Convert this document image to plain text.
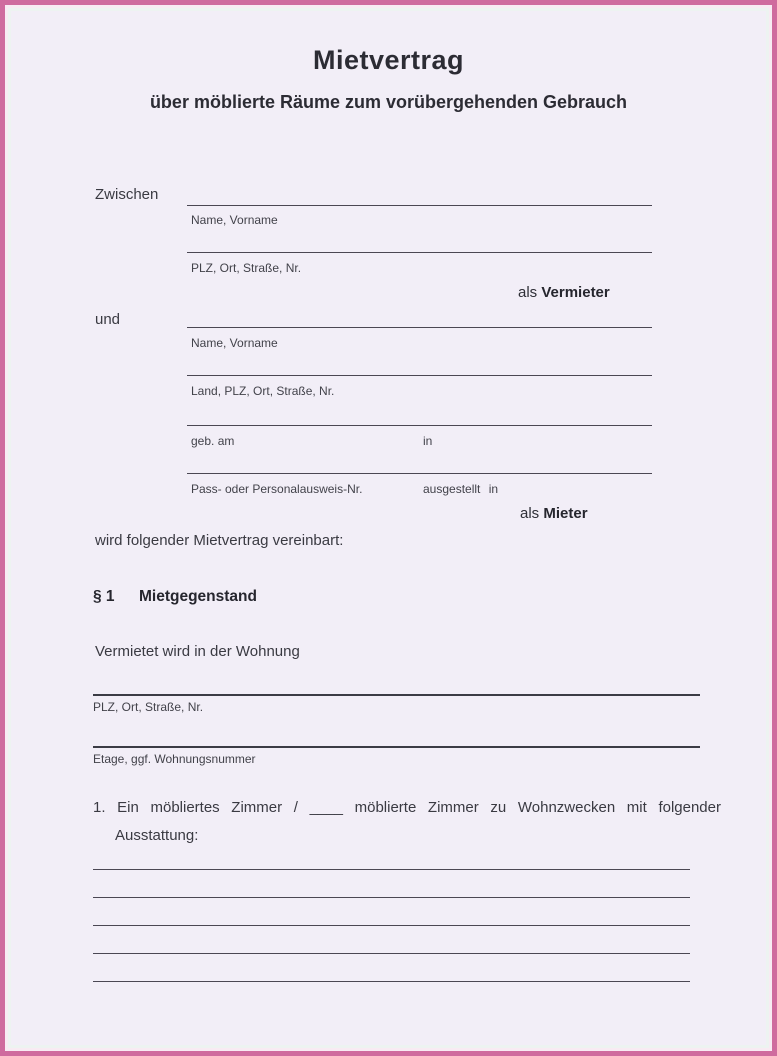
Mietvertrag
über möblierte Räume zum vorübergehenden Gebrauch
Zwischen
Name, Vorname
PLZ, Ort, Straße, Nr.
als Vermieter
und
Name, Vorname
Land, PLZ, Ort, Straße, Nr.
geb. am	in
Pass- oder Personalausweis-Nr.	ausgestellt in
als Mieter
wird folgender Mietvertrag vereinbart:
§ 1 Mietgegenstand
Vermietet wird in der Wohnung
PLZ, Ort, Straße, Nr.
Etage, ggf. Wohnungsnummer
1. Ein möbliertes Zimmer / ____ möblierte Zimmer zu Wohnzwecken mit folgender Ausstattung:
